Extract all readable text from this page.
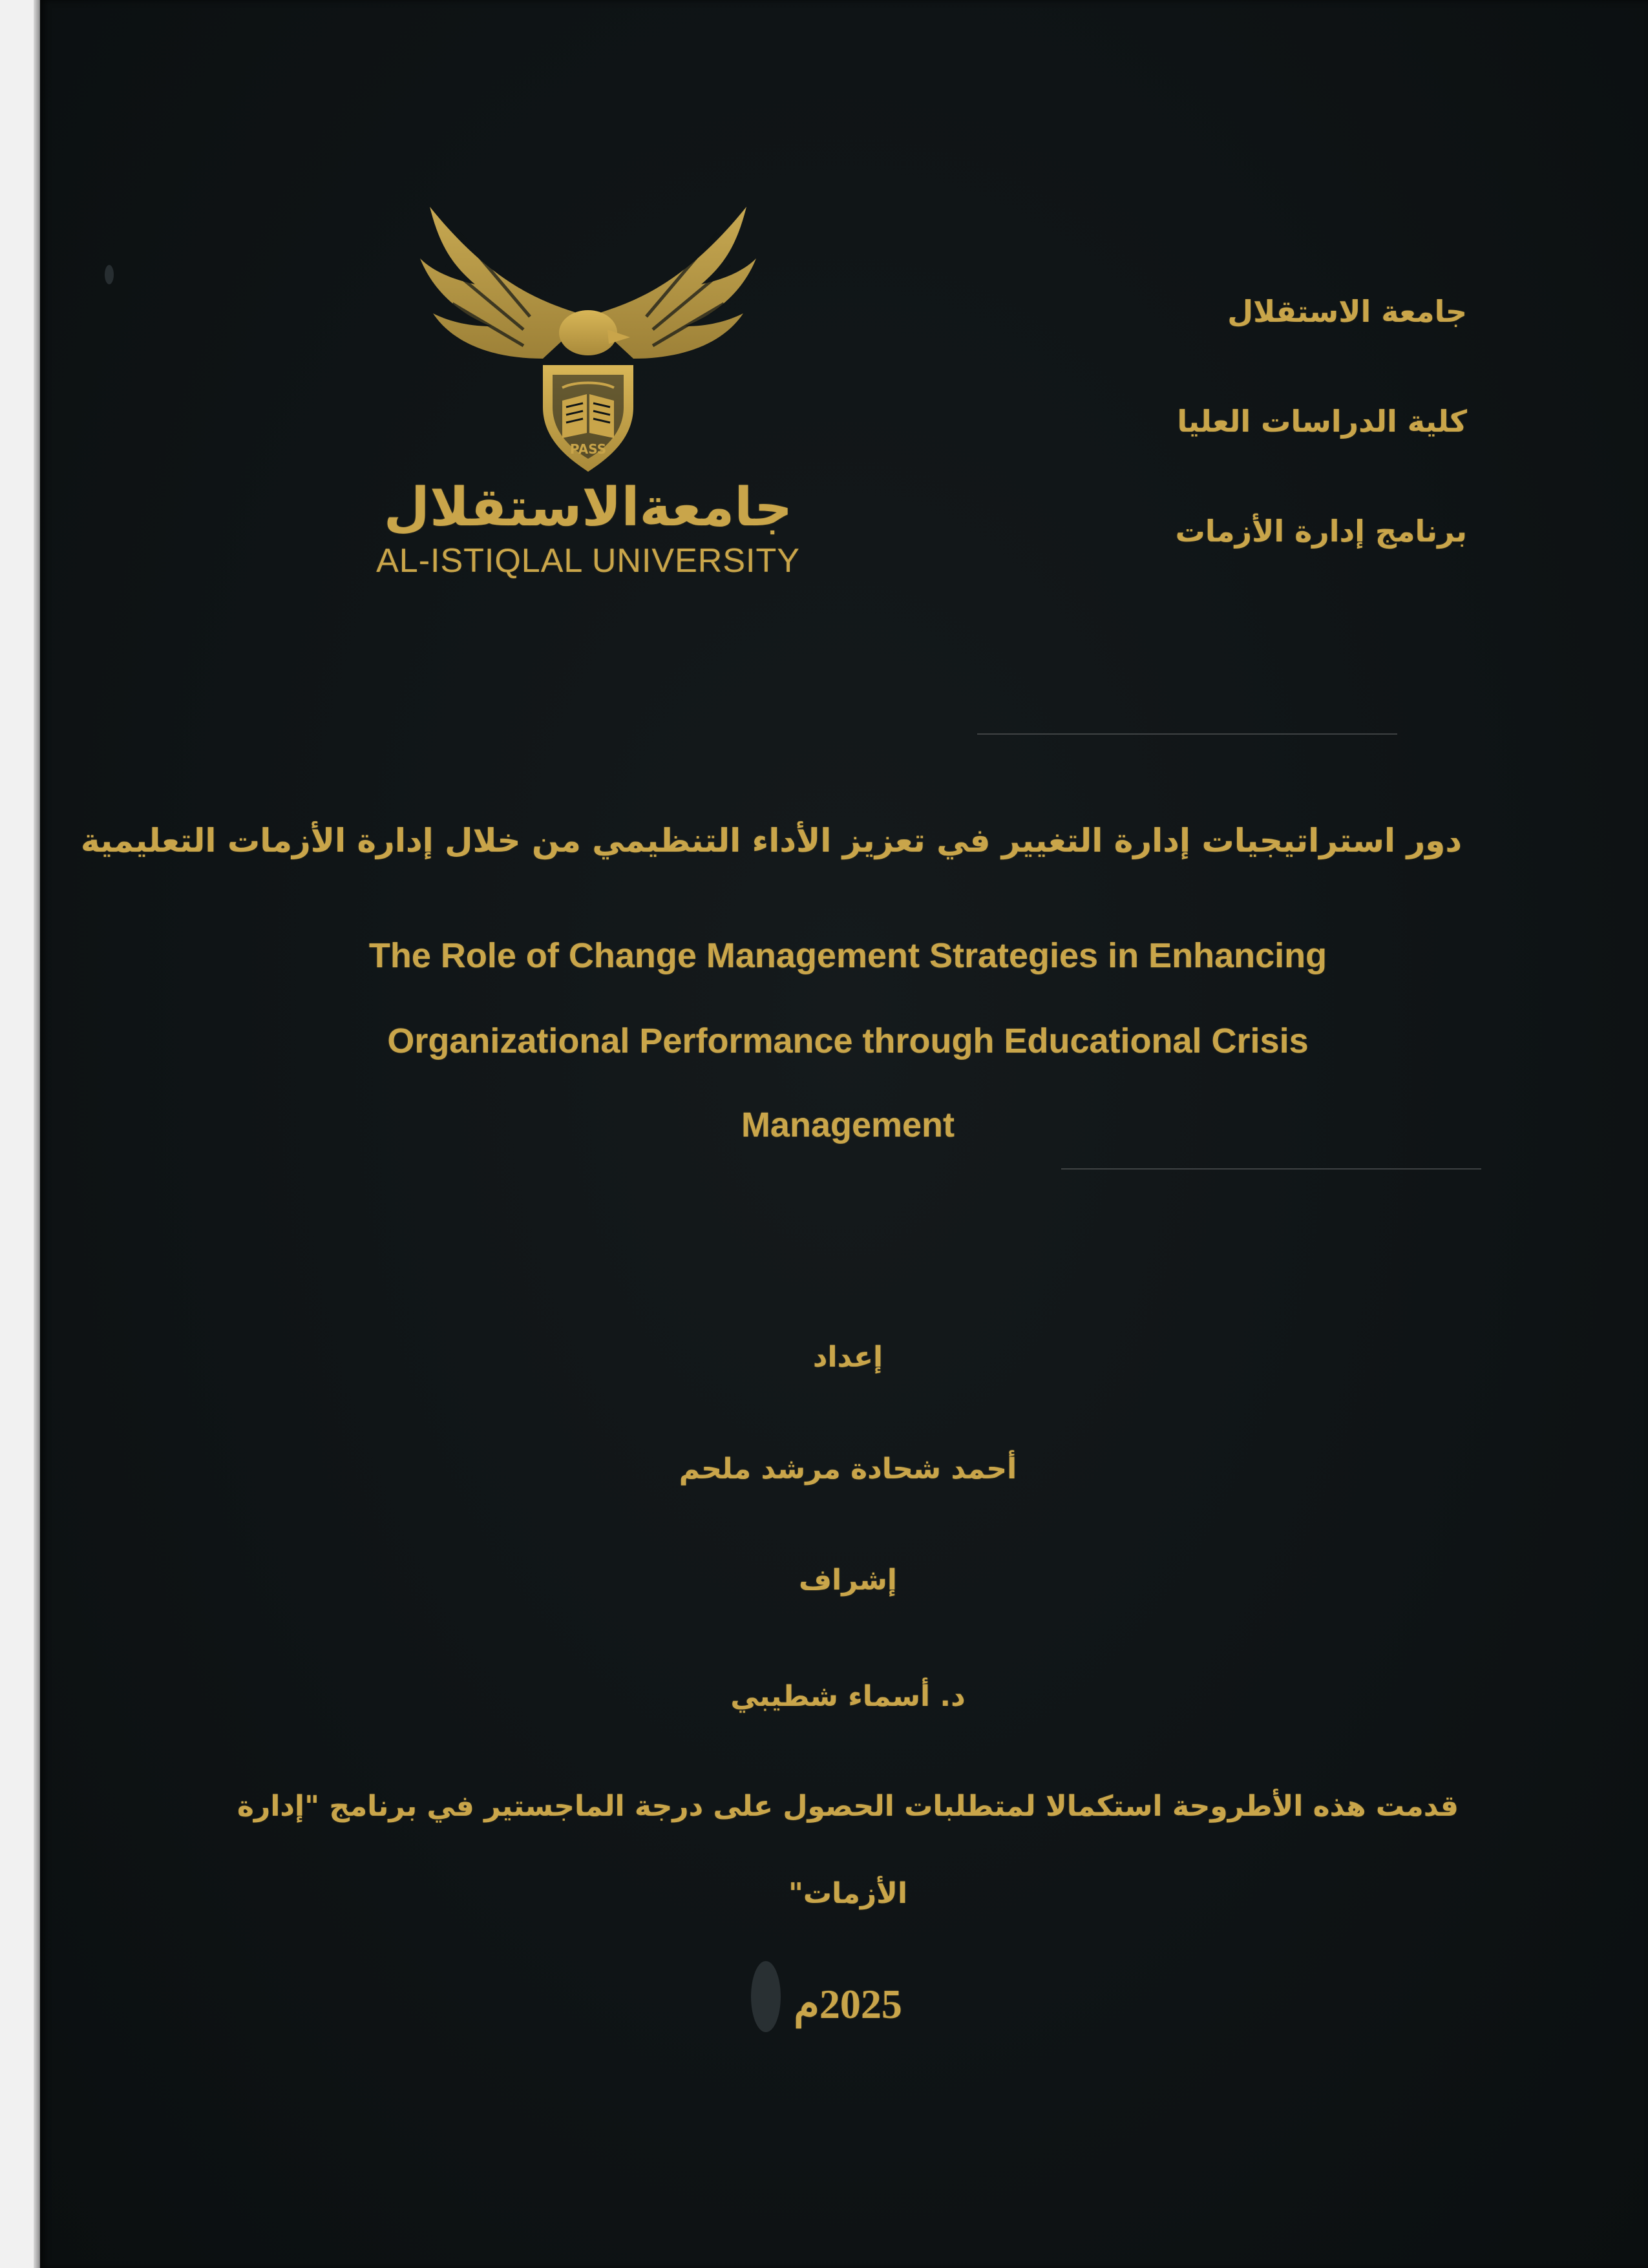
PASS
جامعةالاستقلال
AL-ISTIQLAL UNIVERSITY
جامعة الاستقلال
كلية الدراسات العليا
برنامج إدارة الأزمات
دور استراتيجيات إدارة التغيير في تعزيز الأداء التنظيمي من خلال إدارة الأزمات التعليمية
The Role of Change Management Strategies in Enhancing
Organizational Performance through Educational Crisis
Management
إعداد
أحمد شحادة مرشد ملحم
إشراف
د. أسماء شطيبي
قدمت هذه الأطروحة استكمالا لمتطلبات الحصول على درجة الماجستير في برنامج "إدارة
الأزمات"
2025م
